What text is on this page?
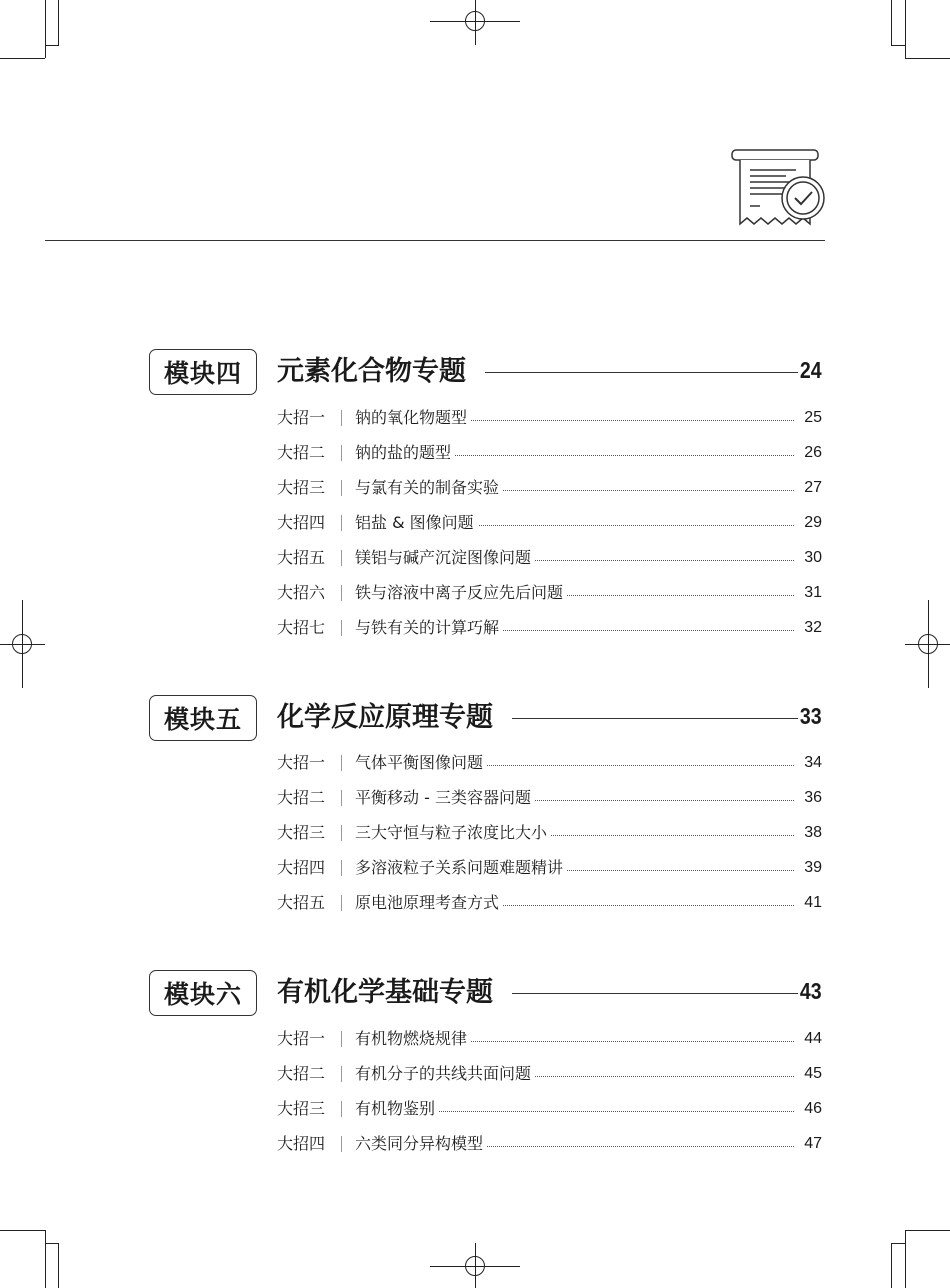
模块四	元素化合物专题	24
大招一	钠的氧化物题型	25
大招二	钠的盐的题型	26
大招三	与氯有关的制备实验	27
大招四	铝盐 & 图像问题	29
大招五	镁铝与碱产沉淀图像问题	30
大招六	铁与溶液中离子反应先后问题	31
大招七	与铁有关的计算巧解	32
模块五	化学反应原理专题	33
大招一	气体平衡图像问题	34
大招二	平衡移动 - 三类容器问题	36
大招三	三大守恒与粒子浓度比大小	38
大招四	多溶液粒子关系问题难题精讲	39
大招五	原电池原理考查方式	41
模块六	有机化学基础专题	43
大招一	有机物燃烧规律	44
大招二	有机分子的共线共面问题	45
大招三	有机物鉴别	46
大招四	六类同分异构模型	47
